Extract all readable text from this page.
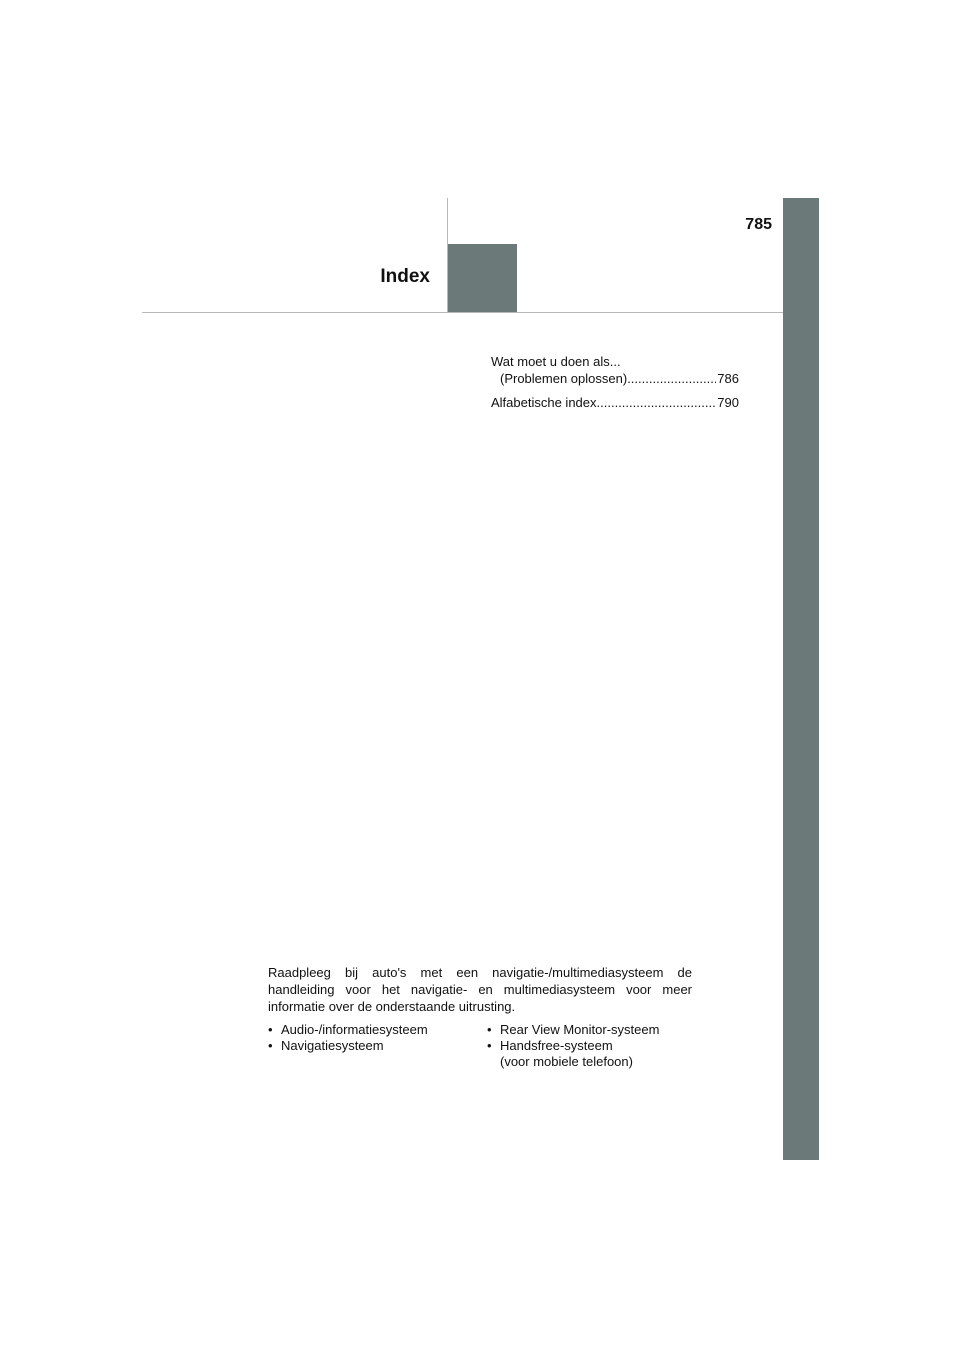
785
Index
Wat moet u doen als...
(Problemen oplossen) .....	786
Alfabetische index .....	790
Raadpleeg bij auto's met een navigatie-/multimediasysteem de handleiding voor het navigatie- en multimediasysteem voor meer informatie over de onderstaande uitrusting.
• Audio-/informatiesysteem
• Navigatiesysteem
• Rear View Monitor-systeem
• Handsfree-systeem
(voor mobiele telefoon)
